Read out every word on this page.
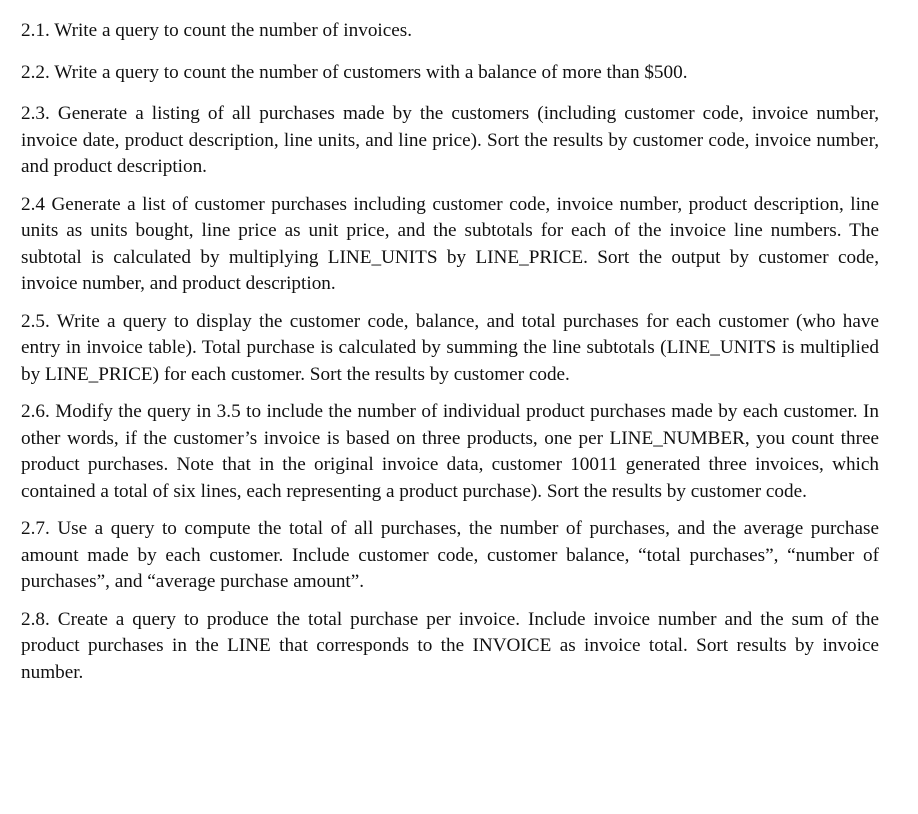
2.1. Write a query to count the number of invoices.

2.2. Write a query to count the number of customers with a balance of more than $500.

2.3. Generate a listing of all purchases made by the customers (including customer code, invoice number, invoice date, product description, line units, and line price). Sort the results by customer code, invoice number, and product description.

2.4 Generate a list of customer purchases including customer code, invoice number, product description, line units as units bought, line price as unit price, and the subtotals for each of the invoice line numbers. The subtotal is calculated by multiplying LINE_UNITS by LINE_PRICE. Sort the output by customer code, invoice number, and product description.

2.5. Write a query to display the customer code, balance, and total purchases for each customer (who have entry in invoice table). Total purchase is calculated by summing the line subtotals (LINE_UNITS is multiplied by LINE_PRICE) for each customer. Sort the results by customer code.

2.6. Modify the query in 3.5 to include the number of individual product purchases made by each customer. In other words, if the customer’s invoice is based on three products, one per LINE_NUMBER, you count three product purchases. Note that in the original invoice data, customer 10011 generated three invoices, which contained a total of six lines, each representing a product purchase). Sort the results by customer code.

2.7. Use a query to compute the total of all purchases, the number of purchases, and the average purchase amount made by each customer. Include customer code, customer balance, “total purchases”, “number of purchases”, and “average purchase amount”.

2.8. Create a query to produce the total purchase per invoice. Include invoice number and the sum of the product purchases in the LINE that corresponds to the INVOICE as invoice total. Sort results by invoice number.
